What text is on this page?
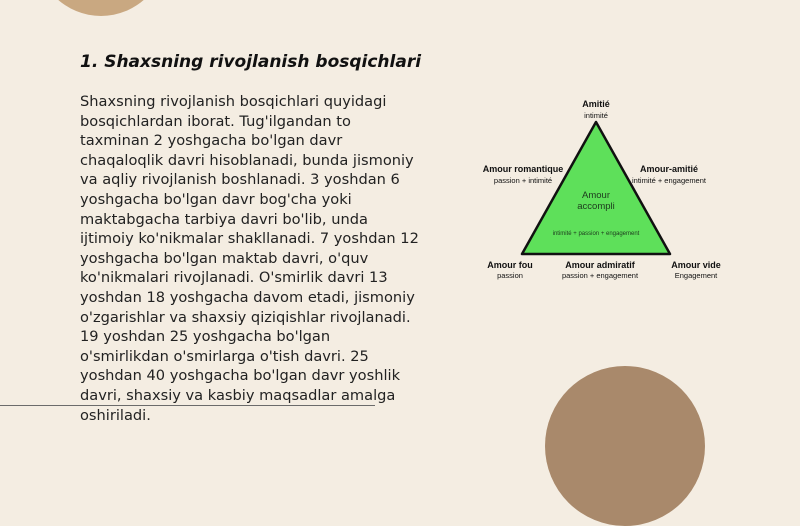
1. Shaxsning rivojlanish bosqichlari

Shaxsning rivojlanish bosqichlari quyidagi bosqichlardan iborat. Tug'ilgandan to taxminan 2 yoshgacha bo'lgan davr chaqaloqlik davri hisoblanadi, bunda jismoniy va aqliy rivojlanish boshlanadi. 3 yoshdan 6 yoshgacha bo'lgan davr bog'cha yoki maktabgacha tarbiya davri bo'lib, unda ijtimoiy ko'nikmalar shakllanadi. 7 yoshdan 12 yoshgacha bo'lgan maktab davri, o'quv ko'nikmalari rivojlanadi. O'smirlik davri 13 yoshdan 18 yoshgacha davom etadi, jismoniy o'zgarishlar va shaxsiy qiziqishlar rivojlanadi. 19 yoshdan 25 yoshgacha bo'lgan o'smirlikdan o'smirlarga o'tish davri. 25 yoshdan 40 yoshgacha bo'lgan davr yoshlik davri, shaxsiy va kasbiy maqsadlar amalga oshiriladi.

Amitié
intimité
Amour romantique
passion + intimité
Amour-amitié
intimité + engagement
Amour
accompli
intimité + passion + engagement
Amour fou
passion
Amour admiratif
passion + engagement
Amour vide
Engagement
